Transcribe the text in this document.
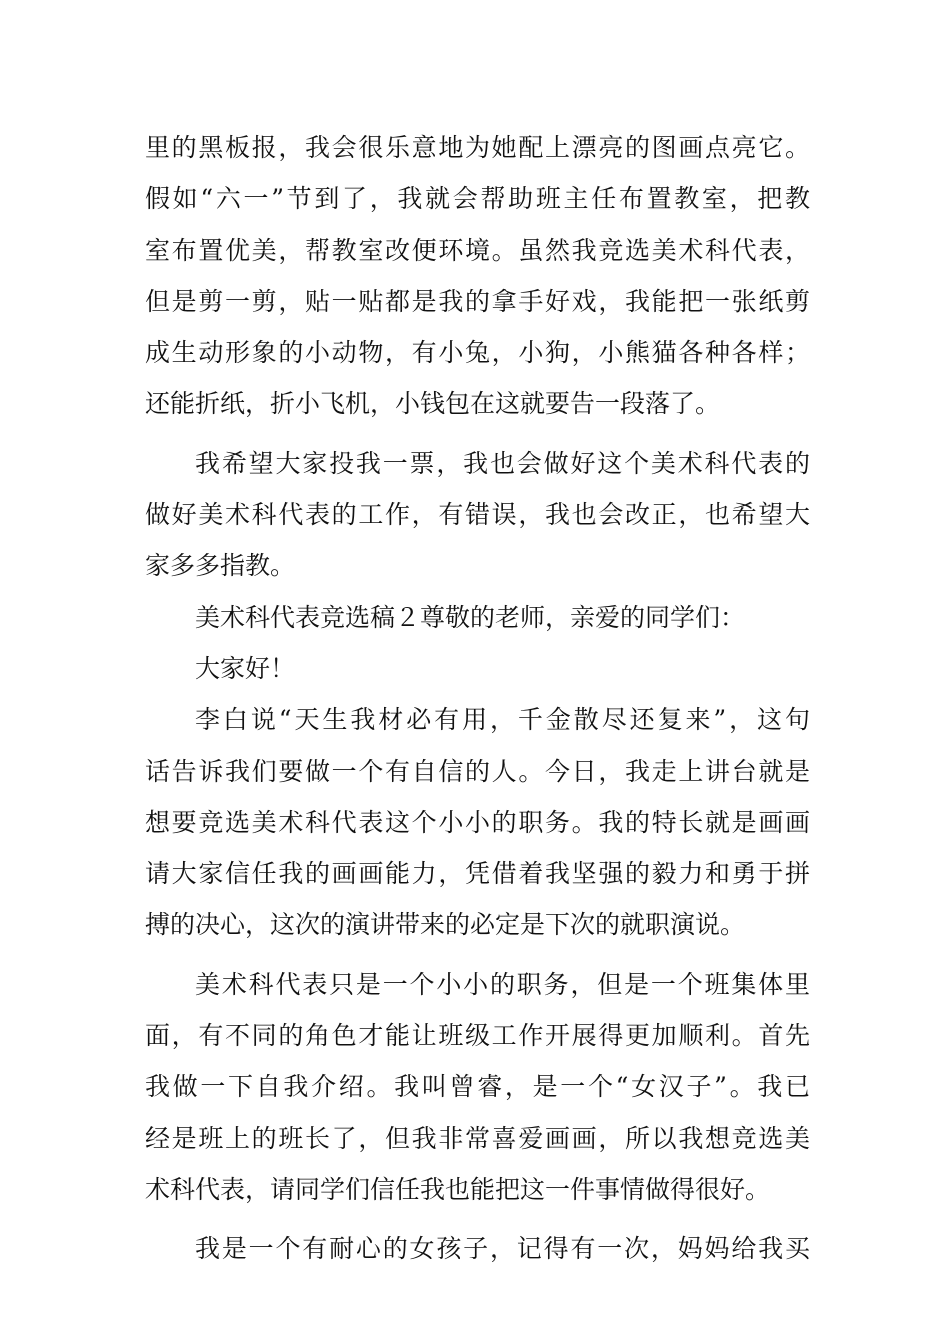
里的黑板报，我会很乐意地为她配上漂亮的图画点亮它。
假如“六一”节到了，我就会帮助班主任布置教室，把教
室布置优美，帮教室改便环境。虽然我竞选美术科代表，
但是剪一剪，贴一贴都是我的拿手好戏，我能把一张纸剪
成生动形象的小动物，有小兔，小狗，小熊猫各种各样；
还能折纸，折小飞机，小钱包在这就要告一段落了。
我希望大家投我一票，我也会做好这个美术科代表的
做好美术科代表的工作，有错误，我也会改正，也希望大
家多多指教。
美术科代表竞选稿２尊敬的老师，亲爱的同学们：
大家好！
李白说“天生我材必有用，千金散尽还复来”，这句
话告诉我们要做一个有自信的人。今日，我走上讲台就是
想要竞选美术科代表这个小小的职务。我的特长就是画画
请大家信任我的画画能力，凭借着我坚强的毅力和勇于拼
搏的决心，这次的演讲带来的必定是下次的就职演说。
美术科代表只是一个小小的职务，但是一个班集体里
面，有不同的角色才能让班级工作开展得更加顺利。首先
我做一下自我介绍。我叫曾睿，是一个“女汉子”。我已
经是班上的班长了，但我非常喜爱画画，所以我想竞选美
术科代表，请同学们信任我也能把这一件事情做得很好。
我是一个有耐心的女孩子，记得有一次，妈妈给我买
